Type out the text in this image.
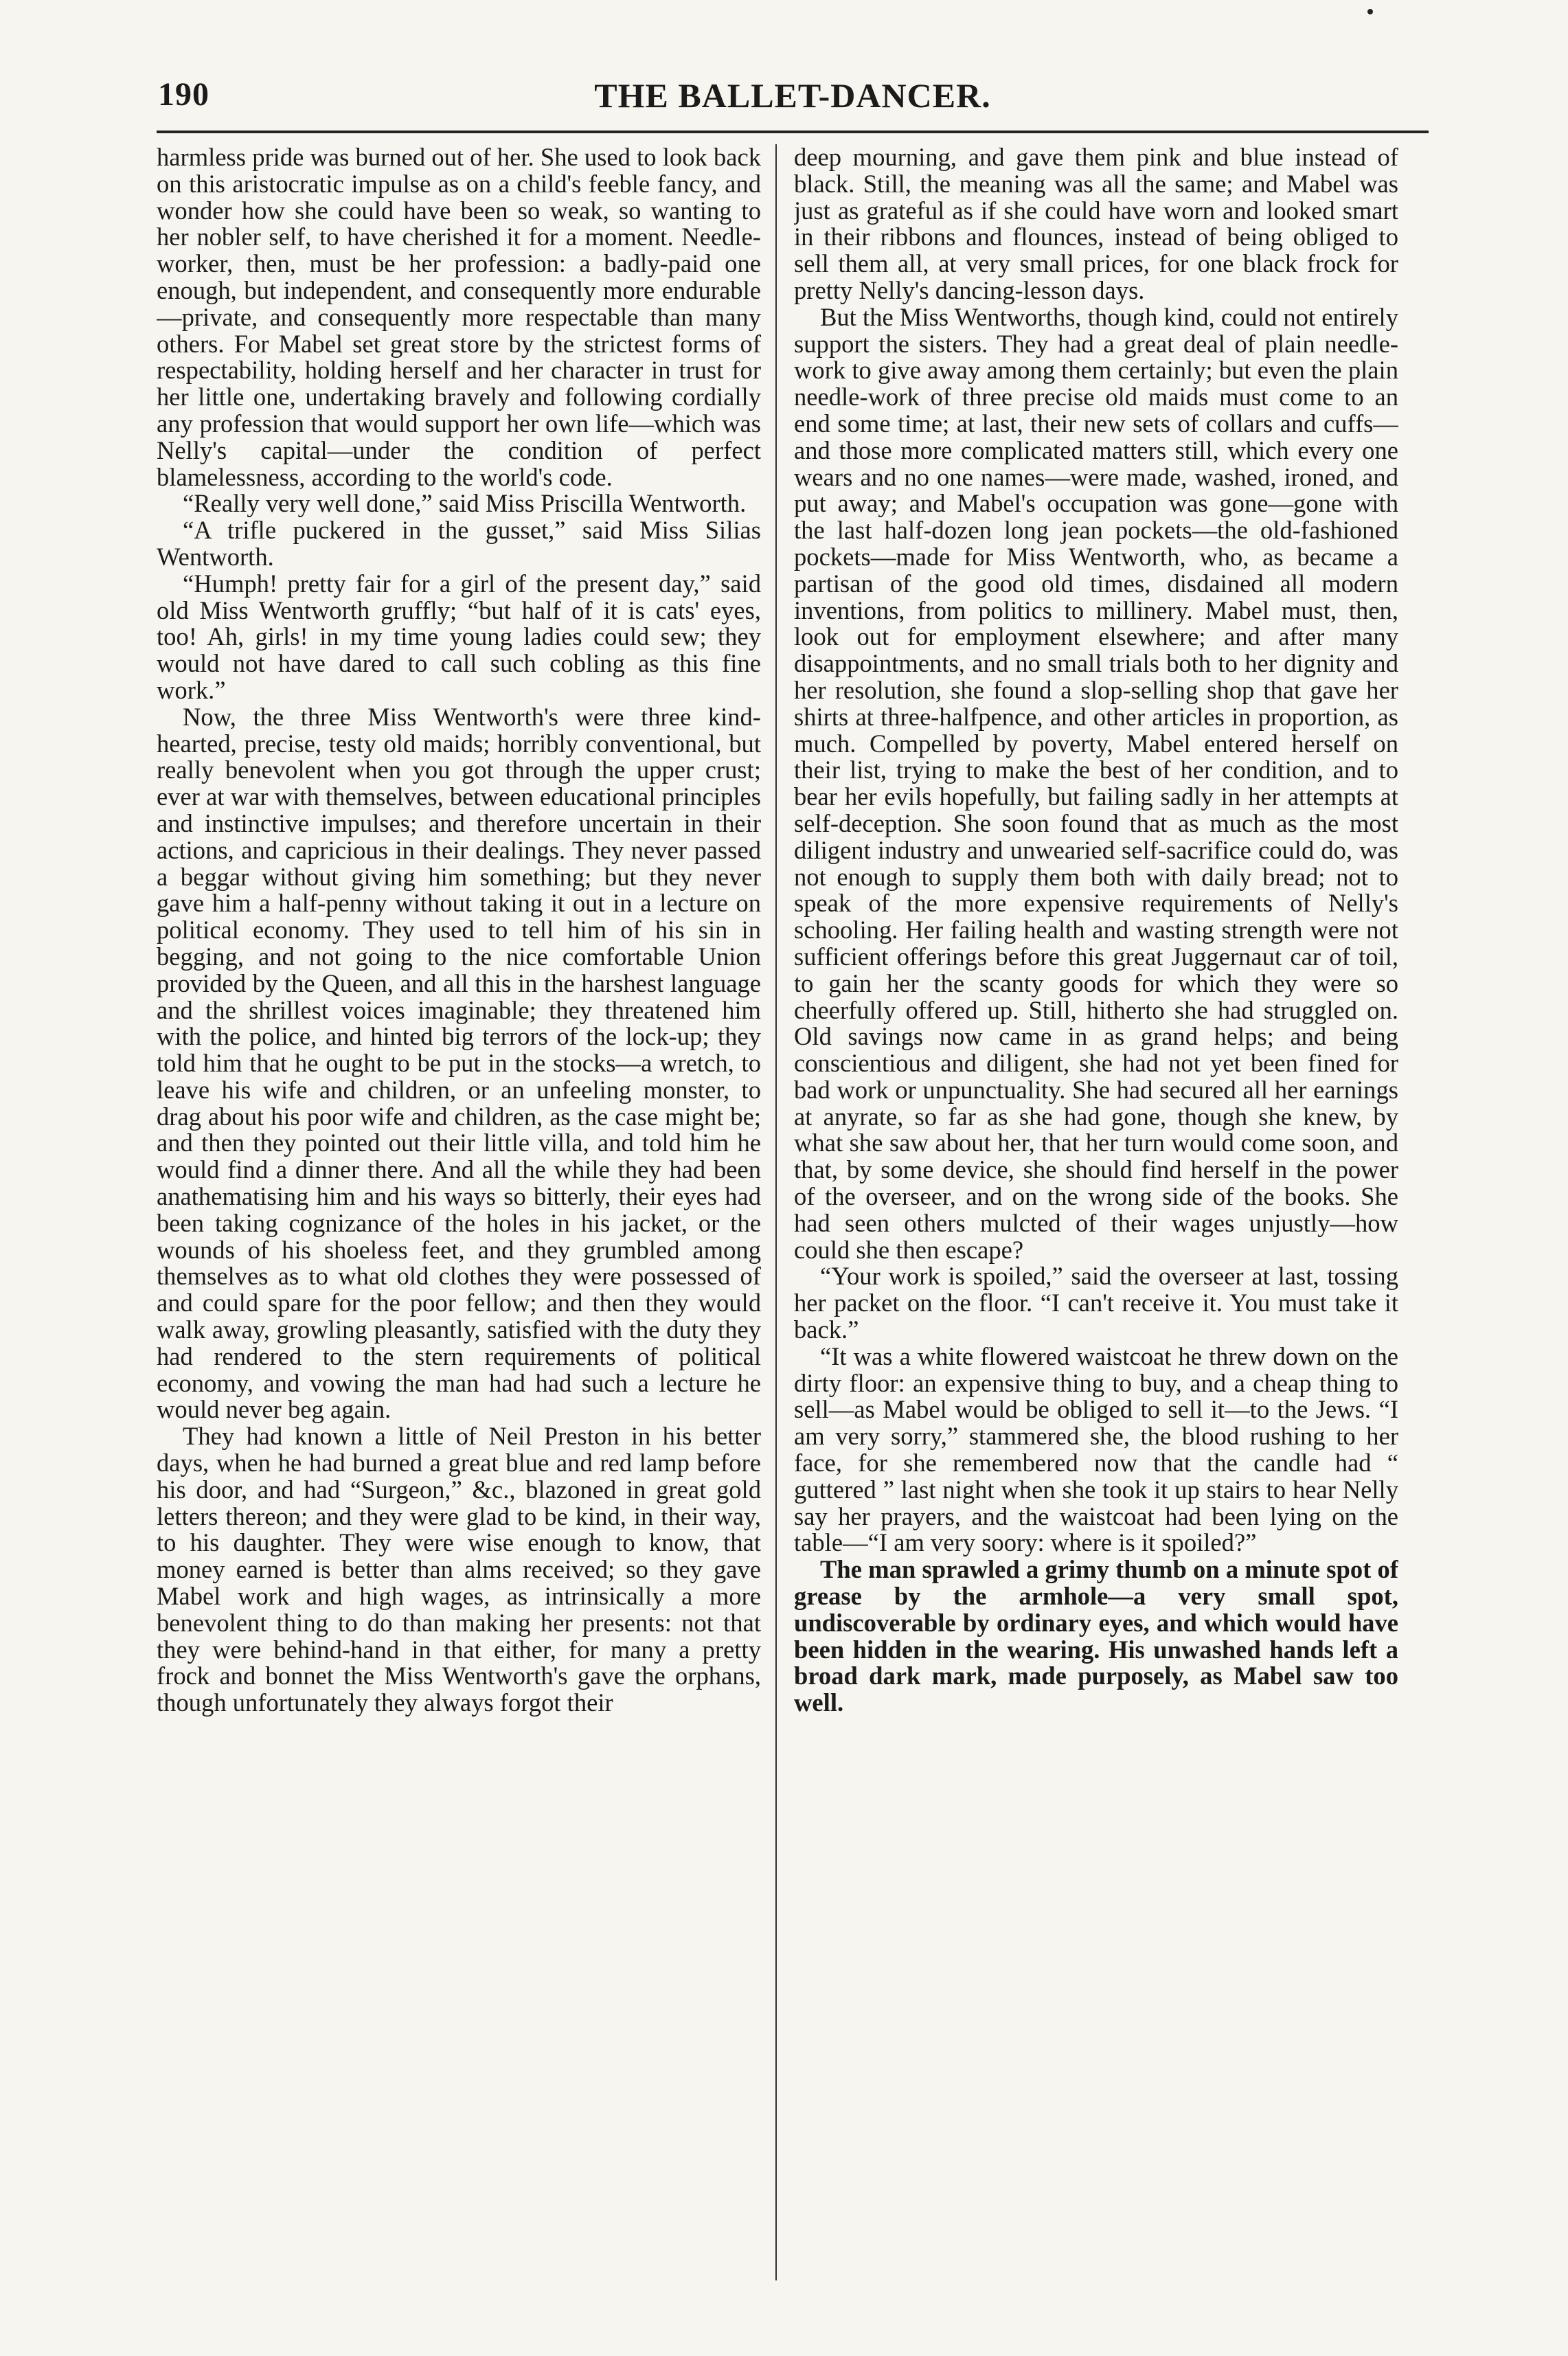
190	THE BALLET-DANCER.

harmless pride was burned out of her. She used to look back on this aristocratic impulse as on a child's feeble fancy, and wonder how she could have been so weak, so wanting to her nobler self, to have cherished it for a moment. Needle-worker, then, must be her profession: a badly-paid one enough, but independent, and consequently more endurable—private, and consequently more respectable than many others. For Mabel set great store by the strictest forms of respectability, holding herself and her character in trust for her little one, undertaking bravely and following cordially any profession that would support her own life—which was Nelly's capital—under the condition of perfect blamelessness, according to the world's code.

“Really very well done,” said Miss Priscilla Wentworth.

“A trifle puckered in the gusset,” said Miss Silias Wentworth.

“Humph! pretty fair for a girl of the present day,” said old Miss Wentworth gruffly; “but half of it is cats' eyes, too! Ah, girls! in my time young ladies could sew; they would not have dared to call such cobling as this fine work.”

Now, the three Miss Wentworth's were three kind-hearted, precise, testy old maids; horribly conventional, but really benevolent when you got through the upper crust; ever at war with themselves, between educational principles and instinctive impulses; and therefore uncertain in their actions, and capricious in their dealings. They never passed a beggar without giving him something; but they never gave him a half-penny without taking it out in a lecture on political economy. They used to tell him of his sin in begging, and not going to the nice comfortable Union provided by the Queen, and all this in the harshest language and the shrillest voices imaginable; they threatened him with the police, and hinted big terrors of the lock-up; they told him that he ought to be put in the stocks—a wretch, to leave his wife and children, or an unfeeling monster, to drag about his poor wife and children, as the case might be; and then they pointed out their little villa, and told him he would find a dinner there. And all the while they had been anathematising him and his ways so bitterly, their eyes had been taking cognizance of the holes in his jacket, or the wounds of his shoeless feet, and they grumbled among themselves as to what old clothes they were possessed of and could spare for the poor fellow; and then they would walk away, growling pleasantly, satisfied with the duty they had rendered to the stern requirements of political economy, and vowing the man had had such a lecture he would never beg again.

They had known a little of Neil Preston in his better days, when he had burned a great blue and red lamp before his door, and had “Surgeon,” &c., blazoned in great gold letters thereon; and they were glad to be kind, in their way, to his daughter. They were wise enough to know, that money earned is better than alms received; so they gave Mabel work and high wages, as intrinsically a more benevolent thing to do than making her presents: not that they were behind-hand in that either, for many a pretty frock and bonnet the Miss Wentworth's gave the orphans, though unfortunately they always forgot their

deep mourning, and gave them pink and blue instead of black. Still, the meaning was all the same; and Mabel was just as grateful as if she could have worn and looked smart in their ribbons and flounces, instead of being obliged to sell them all, at very small prices, for one black frock for pretty Nelly's dancing-lesson days.

But the Miss Wentworths, though kind, could not entirely support the sisters. They had a great deal of plain needle-work to give away among them certainly; but even the plain needle-work of three precise old maids must come to an end some time; at last, their new sets of collars and cuffs—and those more complicated matters still, which every one wears and no one names—were made, washed, ironed, and put away; and Mabel's occupation was gone—gone with the last half-dozen long jean pockets—the old-fashioned pockets—made for Miss Wentworth, who, as became a partisan of the good old times, disdained all modern inventions, from politics to millinery. Mabel must, then, look out for employment elsewhere; and after many disappointments, and no small trials both to her dignity and her resolution, she found a slop-selling shop that gave her shirts at three-halfpence, and other articles in proportion, as much. Compelled by poverty, Mabel entered herself on their list, trying to make the best of her condition, and to bear her evils hopefully, but failing sadly in her attempts at self-deception. She soon found that as much as the most diligent industry and unwearied self-sacrifice could do, was not enough to supply them both with daily bread; not to speak of the more expensive requirements of Nelly's schooling. Her failing health and wasting strength were not sufficient offerings before this great Juggernaut car of toil, to gain her the scanty goods for which they were so cheerfully offered up. Still, hitherto she had struggled on. Old savings now came in as grand helps; and being conscientious and diligent, she had not yet been fined for bad work or unpunctuality. She had secured all her earnings at anyrate, so far as she had gone, though she knew, by what she saw about her, that her turn would come soon, and that, by some device, she should find herself in the power of the overseer, and on the wrong side of the books. She had seen others mulcted of their wages unjustly—how could she then escape?

“Your work is spoiled,” said the overseer at last, tossing her packet on the floor. “I can't receive it. You must take it back.”

“It was a white flowered waistcoat he threw down on the dirty floor: an expensive thing to buy, and a cheap thing to sell—as Mabel would be obliged to sell it—to the Jews. “I am very sorry,” stammered she, the blood rushing to her face, for she remembered now that the candle had “ guttered ” last night when she took it up stairs to hear Nelly say her prayers, and the waistcoat had been lying on the table—“I am very soory: where is it spoiled?”

The man sprawled a grimy thumb on a minute spot of grease by the armhole—a very small spot, undiscoverable by ordinary eyes, and which would have been hidden in the wearing. His unwashed hands left a broad dark mark, made purposely, as Mabel saw too well.
